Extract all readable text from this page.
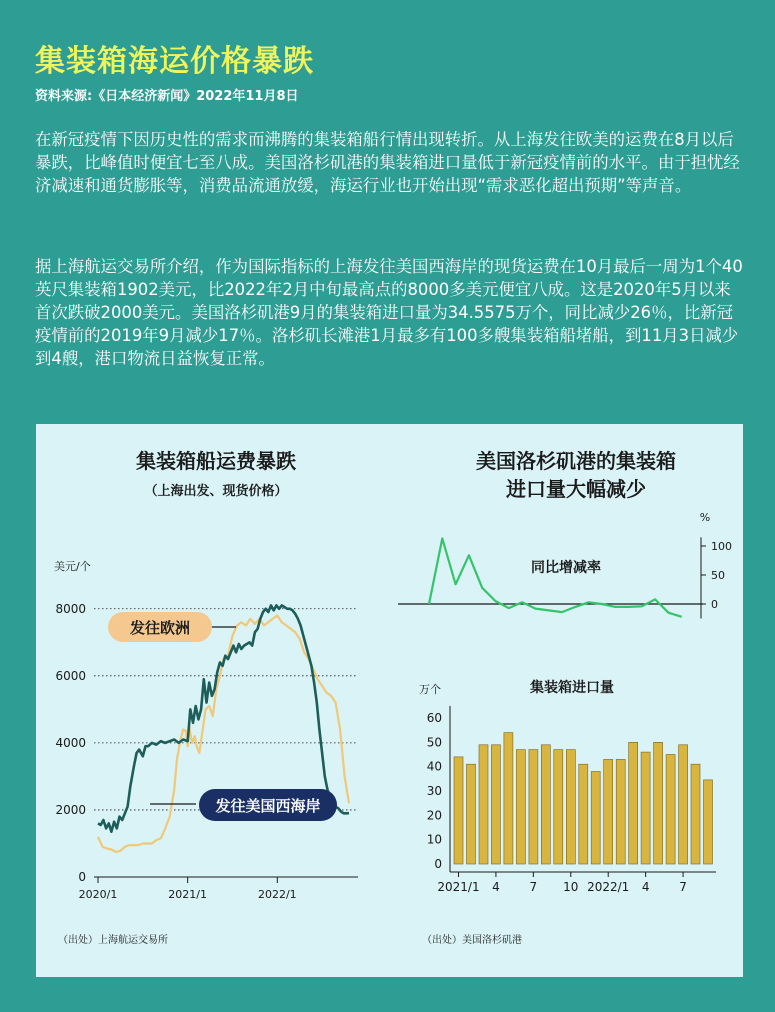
集装箱海运价格暴跌
资料来源:《日本经济新闻》2022年11月8日
在新冠疫情下因历史性的需求而沸腾的集装箱船行情出现转折。从上海发往欧美的运费在8月以后暴跌，比峰值时便宜七至八成。美国洛杉矶港的集装箱进口量低于新冠疫情前的水平。由于担忧经济减速和通货膨胀等，消费品流通放缓，海运行业也开始出现“需求恶化超出预期”等声音。
据上海航运交易所介绍，作为国际指标的上海发往美国西海岸的现货运费在10月最后一周为1个40英尺集装箱1902美元，比2022年2月中旬最高点的8000多美元便宜八成。这是2020年5月以来首次跌破2000美元。美国洛杉矶港9月的集装箱进口量为34.5575万个，同比减少26％，比新冠疫情前的2019年9月减少17％。洛杉矶长滩港1月最多有100多艘集装箱船堵船，到11月3日减少到4艘，港口物流日益恢复正常。
集装箱船运费暴跌
（上海出发、现货价格）
美元/个
0
2000
4000
6000
8000
2020/1	2021/1	2022/1
发往欧洲
发往美国西海岸
（出处）上海航运交易所
美国洛杉矶港的集装箱
进口量大幅减少
%
同比增减率
0
50
100
集装箱进口量
万个
0
10
20
30
40
50
60
2021/1 4 7 10 2022/1 4 7
（出处）美国洛杉矶港
